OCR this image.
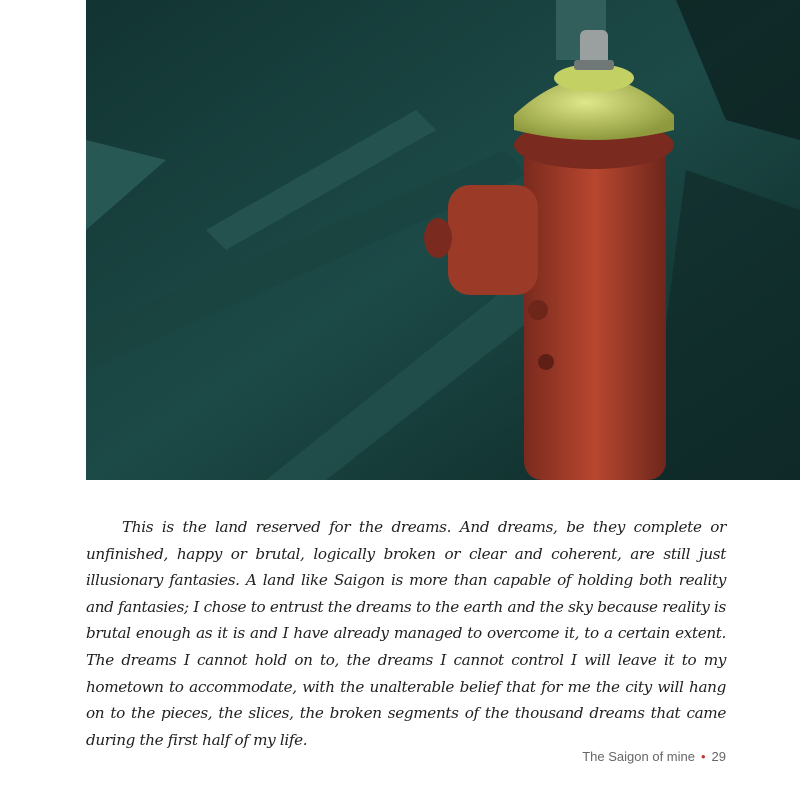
This is the land reserved for the dreams. And dreams, be they complete or unfinished, happy or brutal, logically broken or clear and coherent, are still just illusionary fantasies. A land like Saigon is more than capable of holding both reality and fantasies; I chose to entrust the dreams to the earth and the sky because reality is brutal enough as it is and I have already managed to overcome it, to a certain extent. The dreams I cannot hold on to, the dreams I cannot control I will leave it to my hometown to accommodate, with the unalterable belief that for me the city will hang on to the pieces, the slices, the broken segments of the thousand dreams that came during the first half of my life.

The Saigon of mine • 29
